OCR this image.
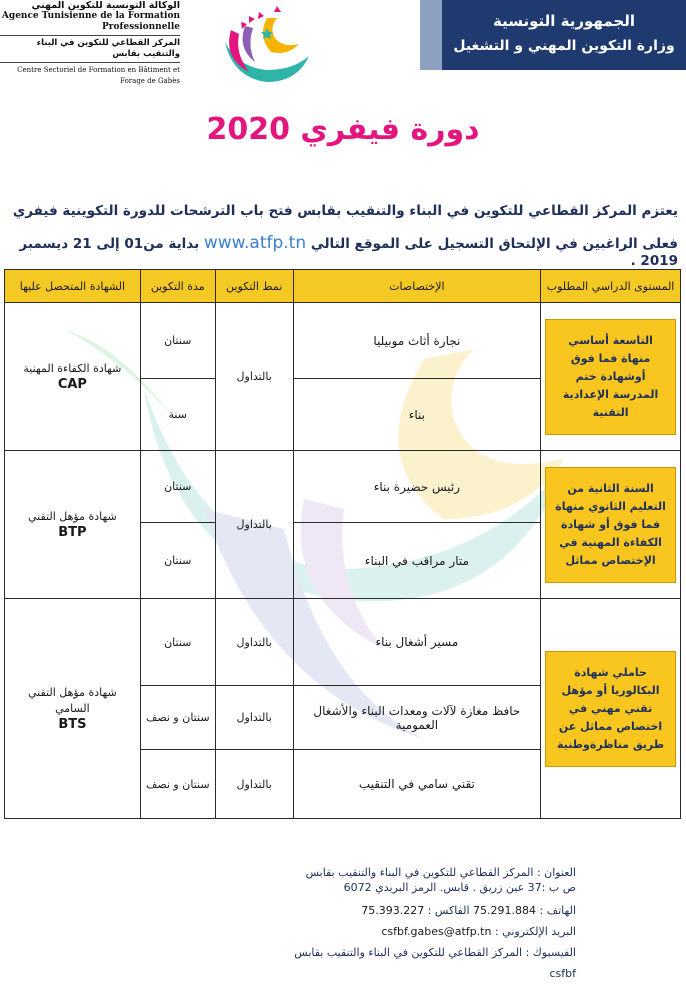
الوكالة التونسية للتكوين المهني
Agence Tunisienne de la Formation
Professionnelle
المركز القطاعي للتكوين في البناء والتنقيب بقابس
Centre Sectoriel de Formation en Bâtiment et Forage de Gabès
الجمهورية التونسية
وزارة التكوين المهني و التشغيل
دورة فيفري 2020
يعتزم المركز القطاعي للتكوين في البناء والتنقيب بقابس فتح باب الترشحات للدورة التكوينية فيفري
فعلى الراغبين في الإلتحاق التسجيل على الموقع التالي www.atfp.tn بداية من01 إلى 21 ديسمبر 2019 .
المستوى الدراسي المطلوب	الإختصاصات	نمط التكوين	مدة التكوين	الشهادة المتحصل عليها

التاسعة أساسي منهاة فما فوق أوشهادة ختم المدرسة الإعدادية التقنية	نجارة أثاث موبيليا	بالتداول	سنتان	شهادة الكفاءة المهنية
CAP

	بناء		سنة	

السنة الثانية من التعليم الثانوي منهاة فما فوق أو شهادة الكفاءة المهنية في الإختصاص مماثل	رئيس حضيرة بناء	بالتداول	سنتان	شهادة مؤهل التقني
BTP

	متار مراقب في البناء		سنتان	

حاملي شهادة البكالوريا أو مؤهل تقني مهني في اختصاص مماثل عن طريق مناظرةوطنية	مسير أشغال بناء	بالتداول	سنتان	شهادة مؤهل التقني السامي
BTS

	حافظ مغازة لآلات ومعدات البناء والأشغال العمومية	بالتداول	سنتان و نصف	
	تقني سامي في التنقيب	بالتداول	سنتان و نصف	
العنوان : المركز القطاعي للتكوين في البناء والتنقيب بقابس
ص ب :37 عين زريق . قابس. الرمز البريدي 6072
الهاتف : 75.291.884 الفاكس : 75.393.227
البريد الإلكتروني : csfbf.gabes@atfp.tn
الفيسبوك : المركز القطاعي للتكوين في البناء والتنقيب بقابس csfbf
